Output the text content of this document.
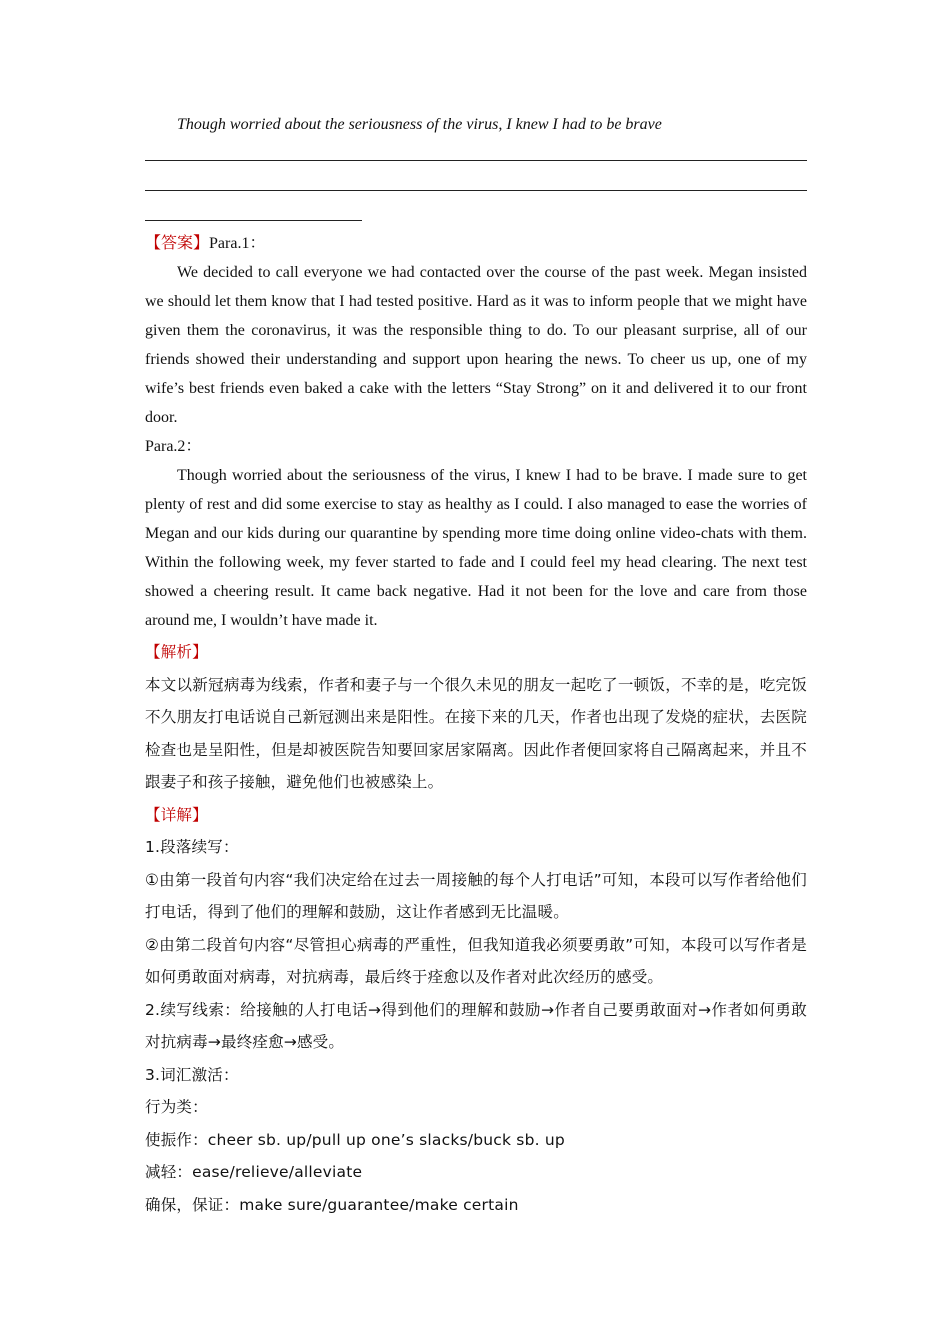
Though worried about the seriousness of the virus, I knew I had to be brave

【答案】Para.1：

We decided to call everyone we had contacted over the course of the past week. Megan insisted we should let them know that I had tested positive. Hard as it was to inform people that we might have given them the coronavirus, it was the responsible thing to do. To our pleasant surprise, all of our friends showed their understanding and support upon hearing the news. To cheer us up, one of my wife’s best friends even baked a cake with the letters “Stay Strong” on it and delivered it to our front door.

Para.2：

Though worried about the seriousness of the virus, I knew I had to be brave. I made sure to get plenty of rest and did some exercise to stay as healthy as I could. I also managed to ease the worries of Megan and our kids during our quarantine by spending more time doing online video-chats with them. Within the following week, my fever started to fade and I could feel my head clearing. The next test showed a cheering result. It came back negative. Had it not been for the love and care from those around me, I wouldn’t have made it.

【解析】

本文以新冠病毒为线索，作者和妻子与一个很久未见的朋友一起吃了一顿饭，不幸的是，吃完饭不久朋友打电话说自己新冠测出来是阳性。在接下来的几天，作者也出现了发烧的症状，去医院检查也是呈阳性，但是却被医院告知要回家居家隔离。因此作者便回家将自己隔离起来，并且不跟妻子和孩子接触，避免他们也被感染上。

【详解】

1.段落续写：

①由第一段首句内容“我们决定给在过去一周接触的每个人打电话”可知，本段可以写作者给他们打电话，得到了他们的理解和鼓励，这让作者感到无比温暖。

②由第二段首句内容“尽管担心病毒的严重性，但我知道我必须要勇敢”可知，本段可以写作者是如何勇敢面对病毒，对抗病毒，最后终于痊愈以及作者对此次经历的感受。

2.续写线索：给接触的人打电话→得到他们的理解和鼓励→作者自己要勇敢面对→作者如何勇敢对抗病毒→最终痊愈→感受。

3.词汇激活：

行为类：

使振作：cheer sb. up/pull up one’s slacks/buck sb. up

减轻：ease/relieve/alleviate

确保，保证：make sure/guarantee/make certain
